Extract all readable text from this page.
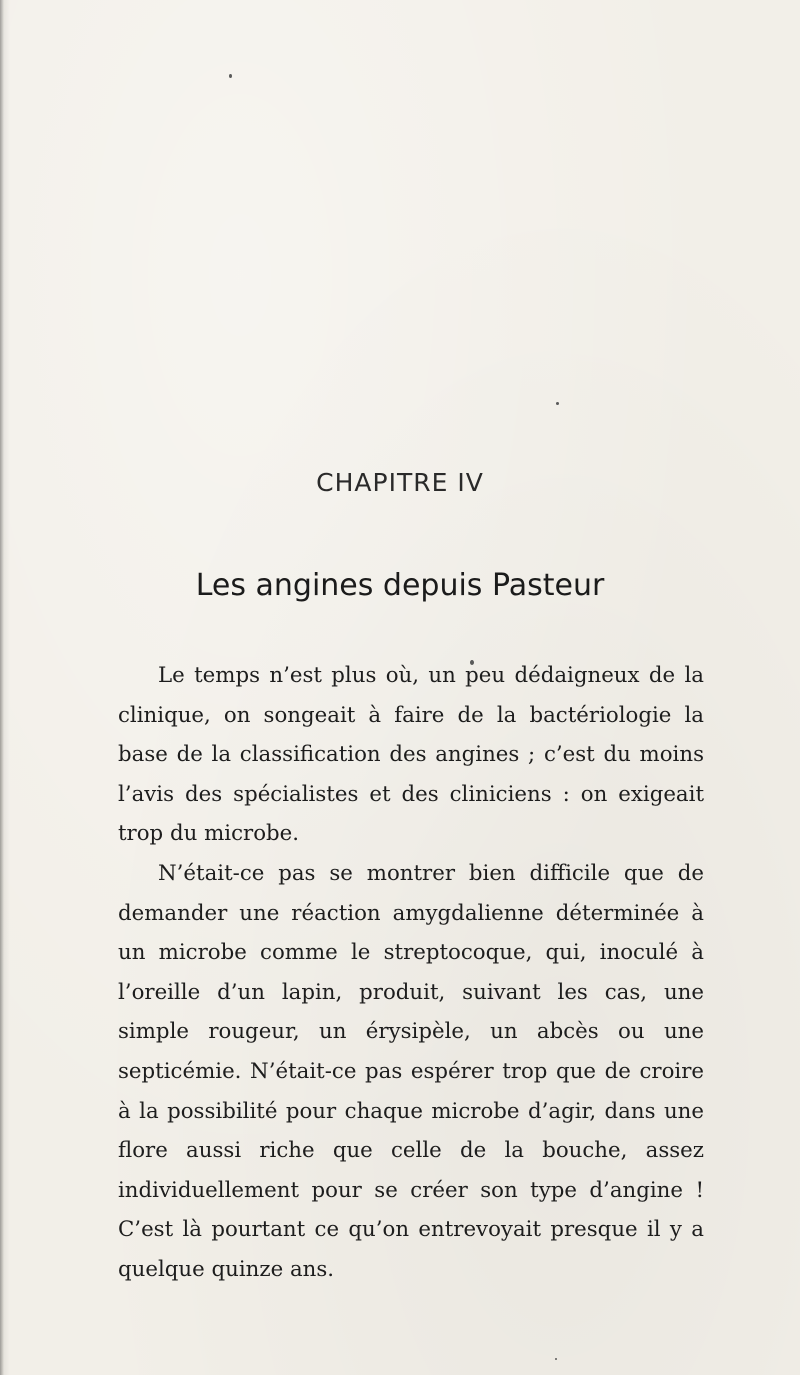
CHAPITRE IV
Les angines depuis Pasteur

Le temps n’est plus où, un peu dédaigneux de la clinique, on songeait à faire de la bactériologie la base de la classification des angines ; c’est du moins l’avis des spécialistes et des cliniciens : on exigeait trop du microbe.

N’était-ce pas se montrer bien difficile que de demander une réaction amygdalienne déterminée à un microbe comme le streptocoque, qui, inoculé à l’oreille d’un lapin, produit, suivant les cas, une simple rougeur, un érysipèle, un abcès ou une septicémie. N’était-ce pas espérer trop que de croire à la possibilité pour chaque microbe d’agir, dans une flore aussi riche que celle de la bouche, assez individuellement pour se créer son type d’angine ! C’est là pourtant ce qu’on entrevoyait presque il y a quelque quinze ans.
